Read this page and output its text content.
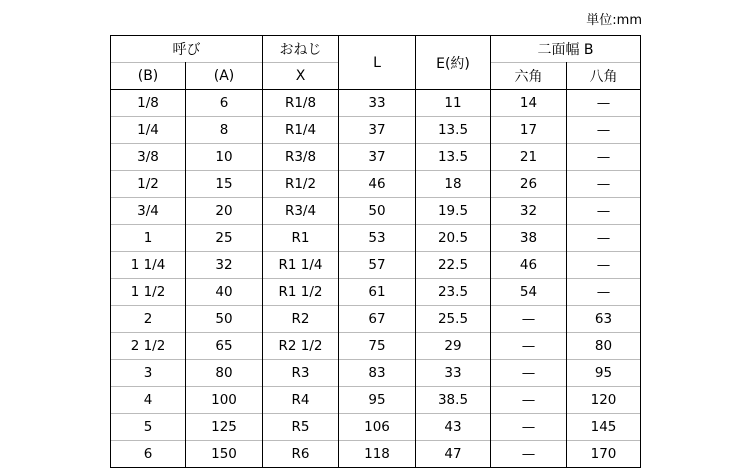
単位:mm
呼び		おねじ	L	E(約)	二面幅 B	
(B)	(A)	X			六角	八角
1/8	6	R1/8	33	11	14	—
1/4	8	R1/4	37	13.5	17	—
3/8	10	R3/8	37	13.5	21	—
1/2	15	R1/2	46	18	26	—
3/4	20	R3/4	50	19.5	32	—
1	25	R1	53	20.5	38	—
1 1/4	32	R1 1/4	57	22.5	46	—
1 1/2	40	R1 1/2	61	23.5	54	—
2	50	R2	67	25.5	—	63
2 1/2	65	R2 1/2	75	29	—	80
3	80	R3	83	33	—	95
4	100	R4	95	38.5	—	120
5	125	R5	106	43	—	145
6	150	R6	118	47	—	170
